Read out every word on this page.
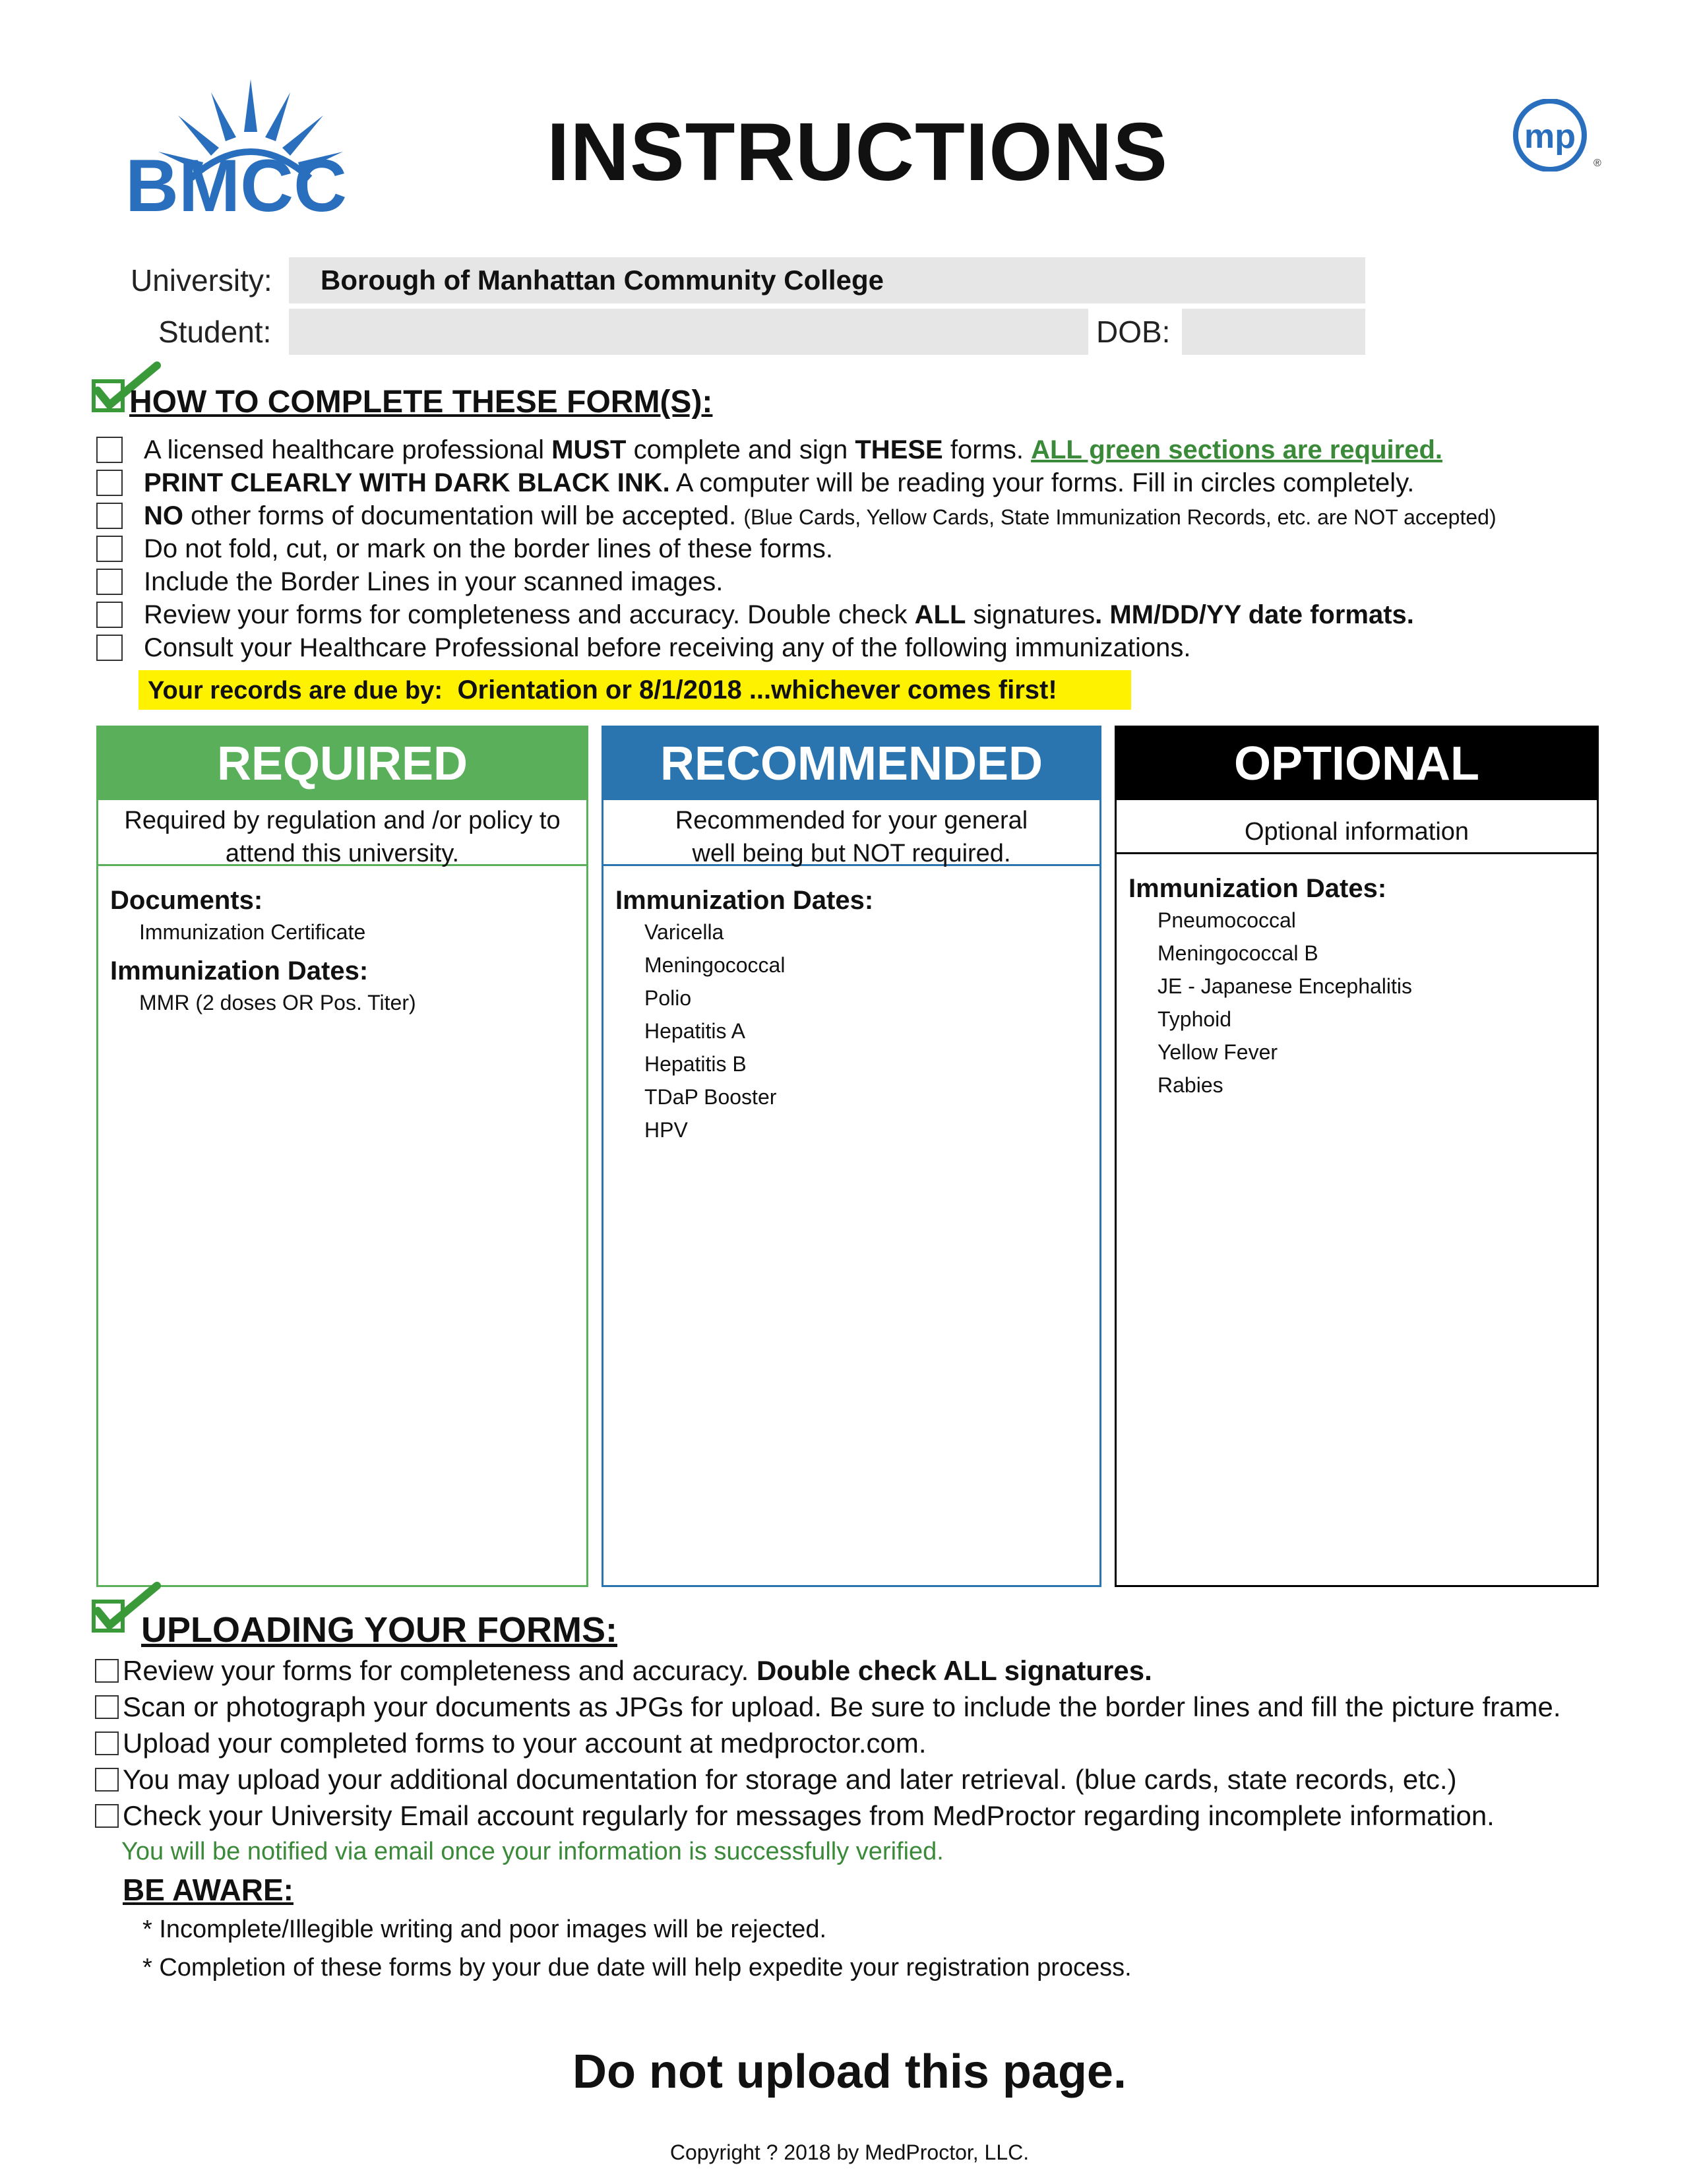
BMCC	INSTRUCTIONS	mp
®
University:	Borough of Manhattan Community College
Student:	DOB:
HOW TO COMPLETE THESE FORM(S):
A licensed healthcare professional MUST complete and sign THESE forms. ALL green sections are required.
PRINT CLEARLY WITH DARK BLACK INK. A computer will be reading your forms. Fill in circles completely.
NO other forms of documentation will be accepted. (Blue Cards, Yellow Cards, State Immunization Records, etc. are NOT accepted)
Do not fold, cut, or mark on the border lines of these forms.
Include the Border Lines in your scanned images.
Review your forms for completeness and accuracy. Double check ALL signatures. MM/DD/YY date formats.
Consult your Healthcare Professional before receiving any of the following immunizations.
Your records are due by: Orientation or 8/1/2018 ...whichever comes first!
REQUIRED
Required by regulation and /or policy to
attend this university.
Documents:
Immunization Certificate
Immunization Dates:
MMR (2 doses OR Pos. Titer)
RECOMMENDED
Recommended for your general
well being but NOT required.
Immunization Dates:
Varicella
Meningococcal
Polio
Hepatitis A
Hepatitis B
TDaP Booster
HPV
OPTIONAL
Optional information
Immunization Dates:
Pneumococcal
Meningococcal B
JE - Japanese Encephalitis
Typhoid
Yellow Fever
Rabies
UPLOADING YOUR FORMS:
Review your forms for completeness and accuracy. Double check ALL signatures.
Scan or photograph your documents as JPGs for upload. Be sure to include the border lines and fill the picture frame.
Upload your completed forms to your account at medproctor.com.
You may upload your additional documentation for storage and later retrieval. (blue cards, state records, etc.)
Check your University Email account regularly for messages from MedProctor regarding incomplete information.
You will be notified via email once your information is successfully verified.
BE AWARE:
* Incomplete/Illegible writing and poor images will be rejected.
* Completion of these forms by your due date will help expedite your registration process.
Do not upload this page.
Copyright ? 2018 by MedProctor, LLC.
